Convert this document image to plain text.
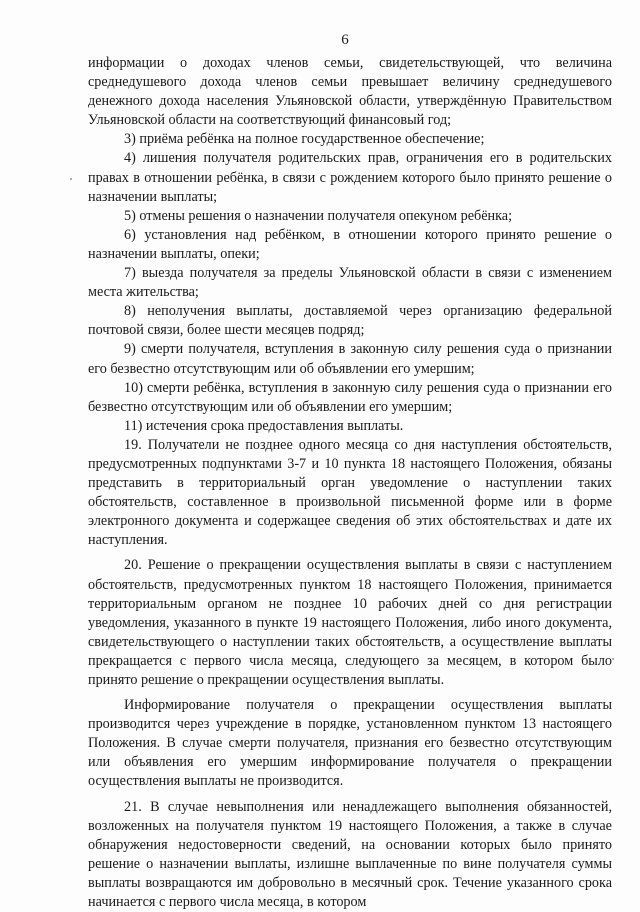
6

информации о доходах членов семьи, свидетельствующей, что величина среднедушевого дохода членов семьи превышает величину среднедушевого денежного дохода населения Ульяновской области, утверждённую Правительством Ульяновской области на соответствующий финансовый год;

3) приёма ребёнка на полное государственное обеспечение;

4) лишения получателя родительских прав, ограничения его в родительских правах в отношении ребёнка, в связи с рождением которого было принято решение о назначении выплаты;

5) отмены решения о назначении получателя опекуном ребёнка;

6) установления над ребёнком, в отношении которого принято решение о назначении выплаты, опеки;

7) выезда получателя за пределы Ульяновской области в связи с изменением места жительства;

8) неполучения выплаты, доставляемой через организацию федеральной почтовой связи, более шести месяцев подряд;

9) смерти получателя, вступления в законную силу решения суда о признании его безвестно отсутствующим или об объявлении его умершим;

10) смерти ребёнка, вступления в законную силу решения суда о признании его безвестно отсутствующим или об объявлении его умершим;

11) истечения срока предоставления выплаты.

19. Получатели не позднее одного месяца со дня наступления обстоятельств, предусмотренных подпунктами 3-7 и 10 пункта 18 настоящего Положения, обязаны представить в территориальный орган уведомление о наступлении таких обстоятельств, составленное в произвольной письменной форме или в форме электронного документа и содержащее сведения об этих обстоятельствах и дате их наступления.

20. Решение о прекращении осуществления выплаты в связи с наступлением обстоятельств, предусмотренных пунктом 18 настоящего Положения, принимается территориальным органом не позднее 10 рабочих дней со дня регистрации уведомления, указанного в пункте 19 настоящего Положения, либо иного документа, свидетельствующего о наступлении таких обстоятельств, а осуществление выплаты прекращается с первого числа месяца, следующего за месяцем, в котором было принято решение о прекращении осуществления выплаты.

Информирование получателя о прекращении осуществления выплаты производится через учреждение в порядке, установленном пунктом 13 настоящего Положения. В случае смерти получателя, признания его безвестно отсутствующим или объявления его умершим информирование получателя о прекращении осуществления выплаты не производится.

21. В случае невыполнения или ненадлежащего выполнения обязанностей, возложенных на получателя пунктом 19 настоящего Положения, а также в случае обнаружения недостоверности сведений, на основании которых было принято решение о назначении выплаты, излишне выплаченные по вине получателя суммы выплаты возвращаются им добровольно в месячный срок. Течение указанного срока начинается с первого числа месяца, в котором
